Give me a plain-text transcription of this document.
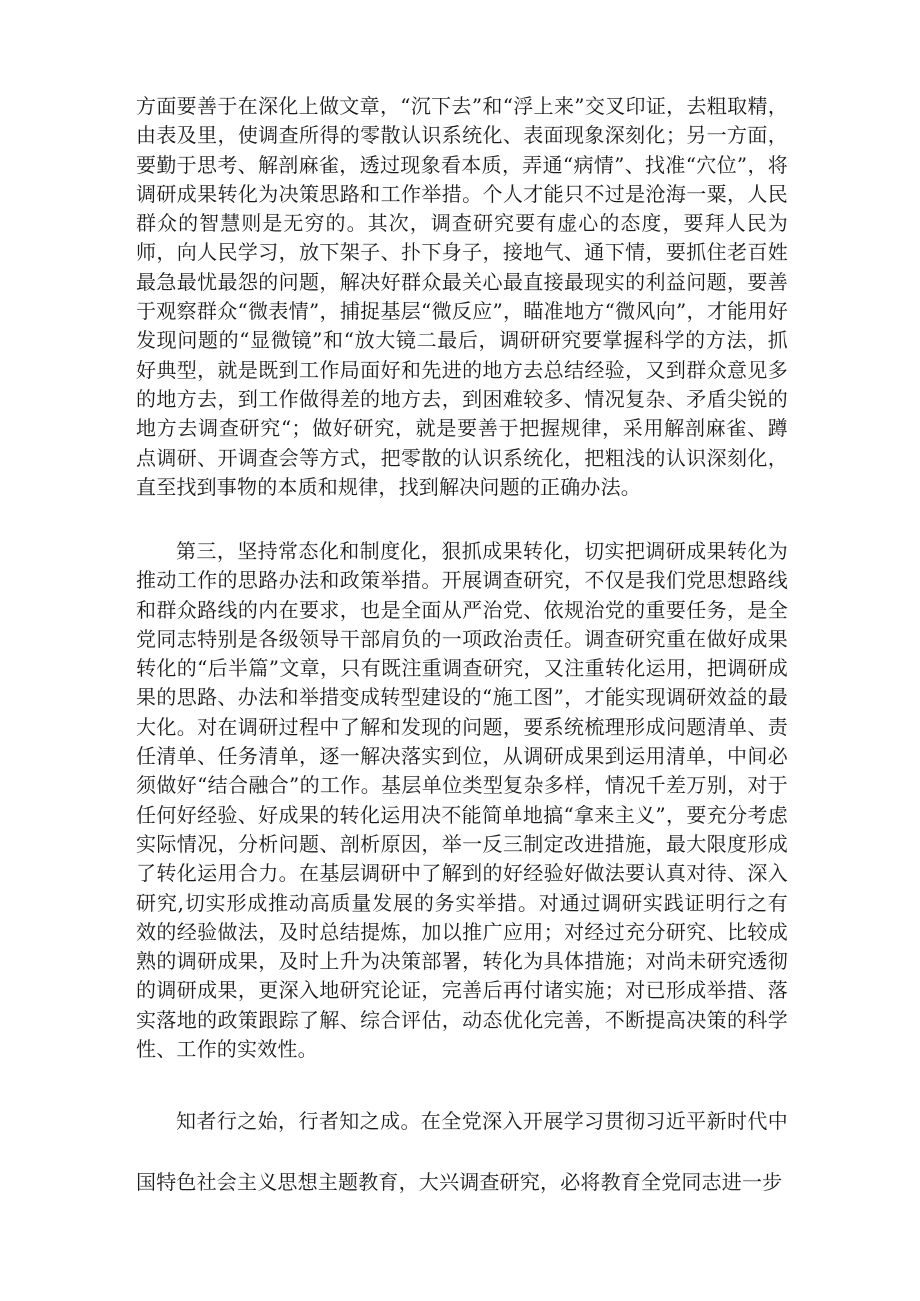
方面要善于在深化上做文章，“沉下去”和“浮上来”交叉印证，去粗取精，由表及里，使调查所得的零散认识系统化、表面现象深刻化；另一方面，要勤于思考、解剖麻雀，透过现象看本质，弄通“病情”、找准“穴位”，将调研成果转化为决策思路和工作举措。个人才能只不过是沧海一粟，人民群众的智慧则是无穷的。其次，调查研究要有虚心的态度，要拜人民为师，向人民学习，放下架子、扑下身子，接地气、通下情，要抓住老百姓最急最忧最怨的问题，解决好群众最关心最直接最现实的利益问题，要善于观察群众“微表情”，捕捉基层“微反应”，瞄准地方“微风向”，才能用好发现问题的“显微镜”和“放大镜二最后，调研研究要掌握科学的方法，抓好典型，就是既到工作局面好和先进的地方去总结经验，又到群众意见多的地方去，到工作做得差的地方去，到困难较多、情况复杂、矛盾尖锐的地方去调查研究“；做好研究，就是要善于把握规律，采用解剖麻雀、蹲点调研、开调查会等方式，把零散的认识系统化，把粗浅的认识深刻化，直至找到事物的本质和规律，找到解决问题的正确办法。
第三，坚持常态化和制度化，狠抓成果转化，切实把调研成果转化为推动工作的思路办法和政策举措。开展调查研究，不仅是我们党思想路线和群众路线的内在要求，也是全面从严治党、依规治党的重要任务，是全党同志特别是各级领导干部肩负的一项政治责任。调查研究重在做好成果转化的“后半篇”文章，只有既注重调查研究，又注重转化运用，把调研成果的思路、办法和举措变成转型建设的“施工图”，才能实现调研效益的最大化。对在调研过程中了解和发现的问题，要系统梳理形成问题清单、责任清单、任务清单，逐一解决落实到位，从调研成果到运用清单，中间必须做好“结合融合”的工作。基层单位类型复杂多样，情况千差万别，对于任何好经验、好成果的转化运用决不能简单地搞“拿来主义”，要充分考虑实际情况，分析问题、剖析原因，举一反三制定改进措施，最大限度形成了转化运用合力。在基层调研中了解到的好经验好做法要认真对待、深入研究,切实形成推动高质量发展的务实举措。对通过调研实践证明行之有效的经验做法，及时总结提炼，加以推广应用；对经过充分研究、比较成熟的调研成果，及时上升为决策部署，转化为具体措施；对尚未研究透彻的调研成果，更深入地研究论证，完善后再付诸实施；对已形成举措、落实落地的政策跟踪了解、综合评估，动态优化完善，不断提高决策的科学性、工作的实效性。
知者行之始，行者知之成。在全党深入开展学习贯彻习近平新时代中国特色社会主义思想主题教育，大兴调查研究，必将教育全党同志进一步
